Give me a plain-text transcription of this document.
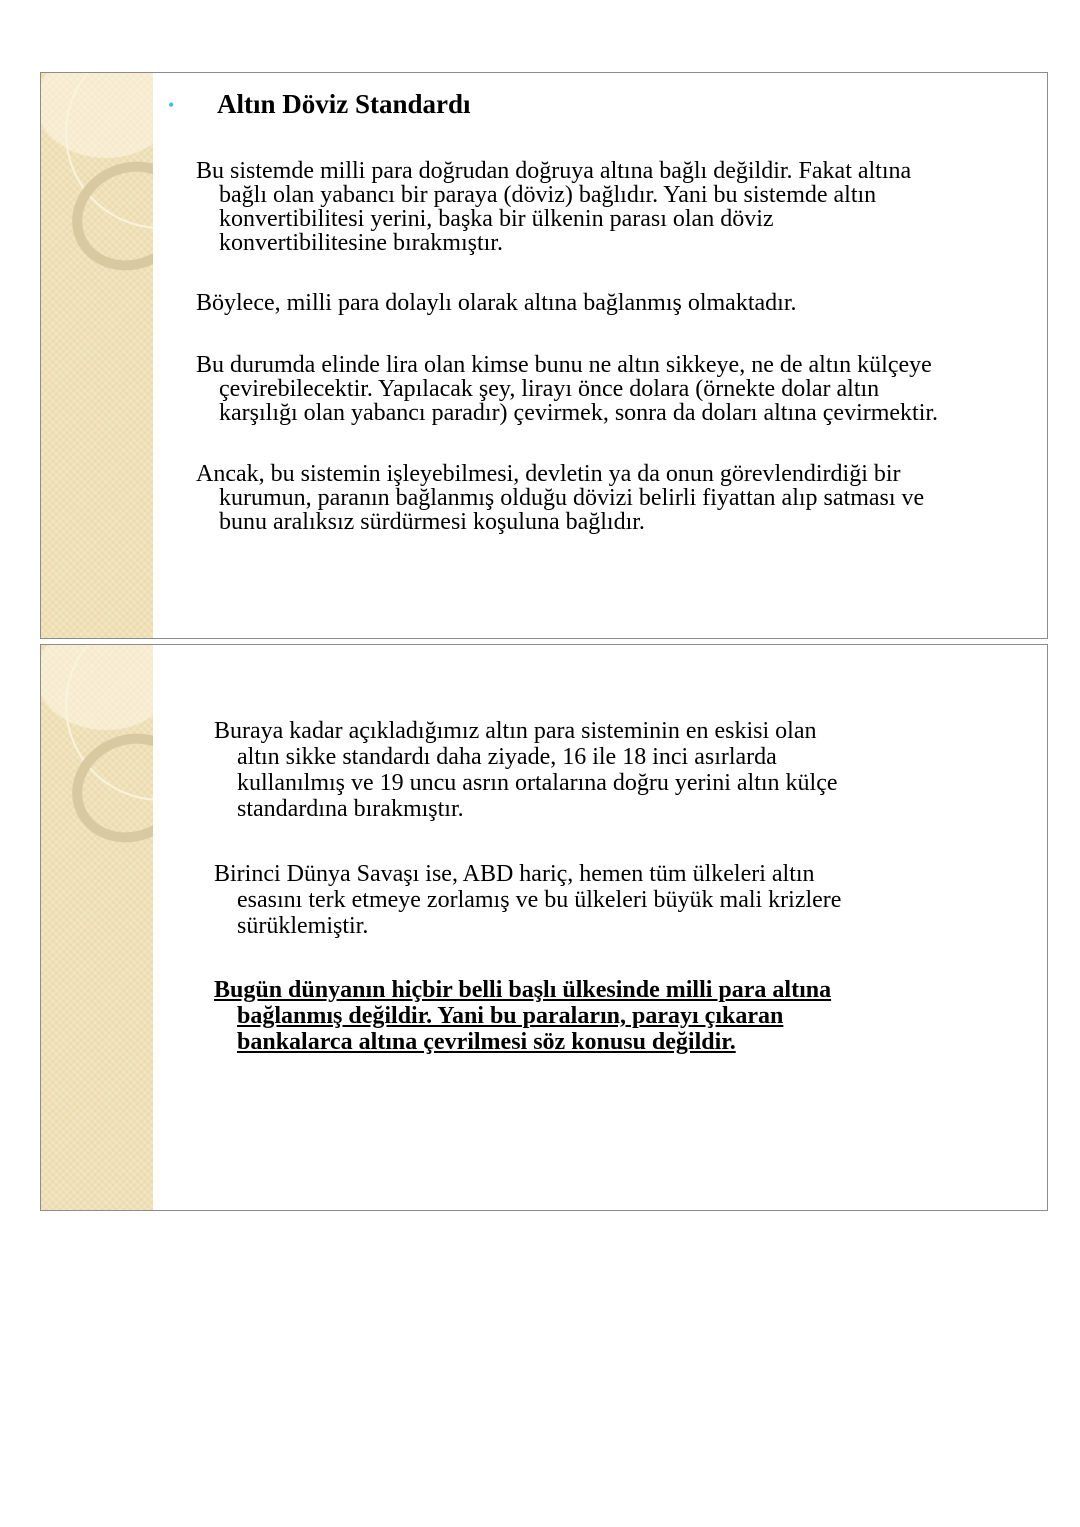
• Altın Döviz Standardı
Bu sistemde milli para doğrudan doğruya altına bağlı değildir. Fakat altına
bağlı olan yabancı bir paraya (döviz) bağlıdır. Yani bu sistemde altın
konvertibilitesi yerini, başka bir ülkenin parası olan döviz
konvertibilitesine bırakmıştır.
Böylece, milli para dolaylı olarak altına bağlanmış olmaktadır.
Bu durumda elinde lira olan kimse bunu ne altın sikkeye, ne de altın külçeye
çevirebilecektir. Yapılacak şey, lirayı önce dolara (örnekte dolar altın
karşılığı olan yabancı paradır) çevirmek, sonra da doları altına çevirmektir.
Ancak, bu sistemin işleyebilmesi, devletin ya da onun görevlendirdiği bir
kurumun, paranın bağlanmış olduğu dövizi belirli fiyattan alıp satması ve
bunu aralıksız sürdürmesi koşuluna bağlıdır.
Buraya kadar açıkladığımız altın para sisteminin en eskisi olan
altın sikke standardı daha ziyade, 16 ile 18 inci asırlarda
kullanılmış ve 19 uncu asrın ortalarına doğru yerini altın külçe
standardına bırakmıştır.
Birinci Dünya Savaşı ise, ABD hariç, hemen tüm ülkeleri altın
esasını terk etmeye zorlamış ve bu ülkeleri büyük mali krizlere
sürüklemiştir.
Bugün dünyanın hiçbir belli başlı ülkesinde milli para altına
bağlanmış değildir. Yani bu paraların, parayı çıkaran
bankalarca altına çevrilmesi söz konusu değildir.
